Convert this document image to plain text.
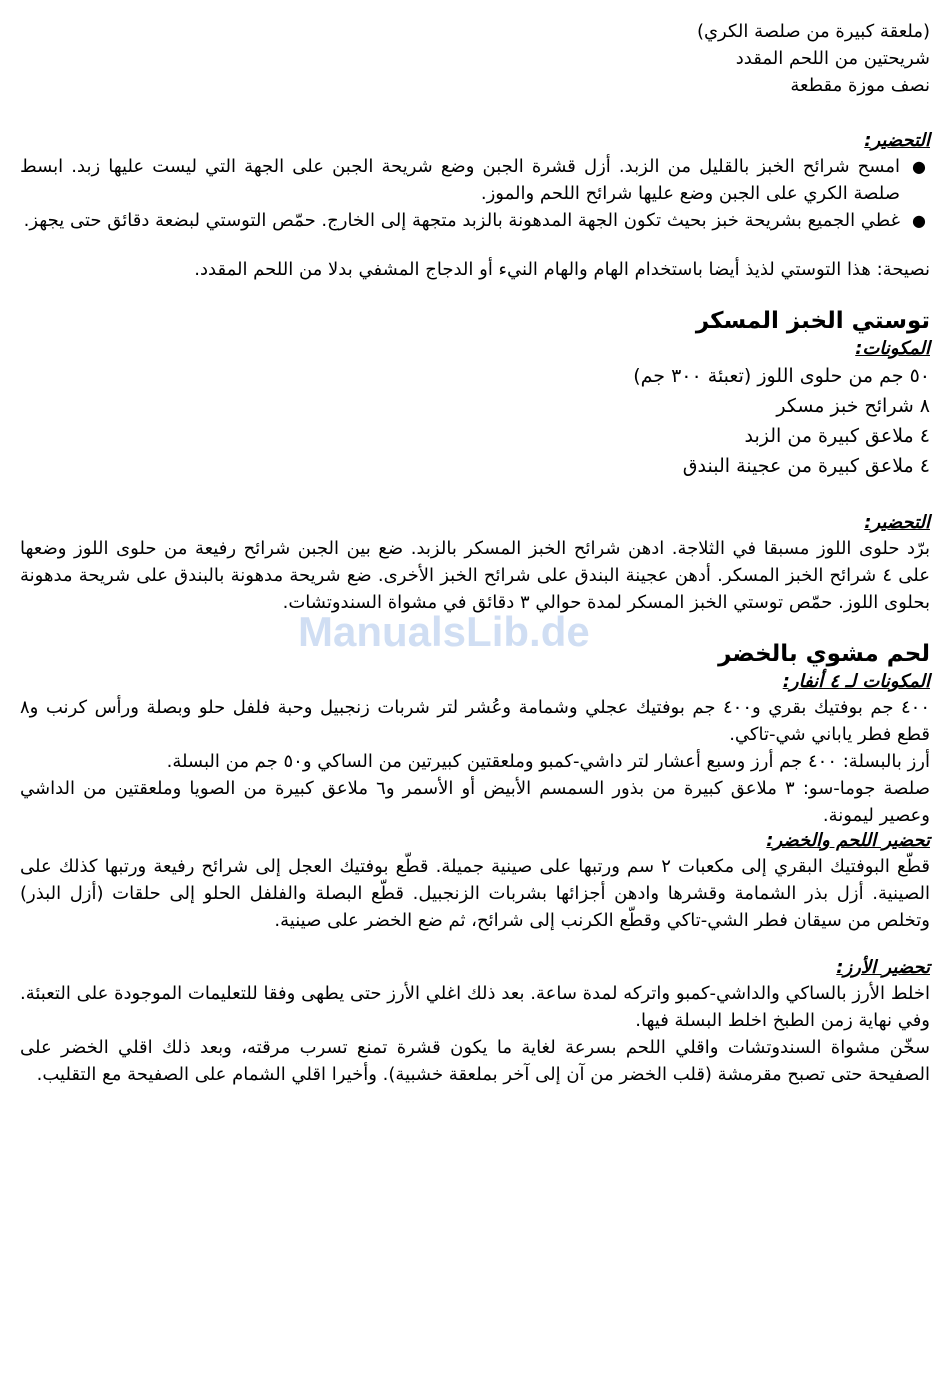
(ملعقة كبيرة من صلصة الكري)
شريحتين من اللحم المقدد
نصف موزة مقطعة
التحضير:
●
امسح شرائح الخبز بالقليل من الزبد. أزل قشرة الجبن وضع شريحة الجبن على الجهة التي ليست عليها زبد. ابسط صلصة الكري على الجبن وضع عليها شرائح اللحم والموز.
●
غطي الجميع بشريحة خبز بحيث تكون الجهة المدهونة بالزبد متجهة إلى الخارج. حمّص التوستي لبضعة دقائق حتى يجهز.
نصيحة: هذا التوستي لذيذ أيضا باستخدام الهام والهام النيء أو الدجاج المشفي بدلا من اللحم المقدد.
توستي الخبز المسكر
المكونات:
٥٠ جم من حلوى اللوز (تعبئة ٣٠٠ جم)
٨ شرائح خبز مسكر
٤ ملاعق كبيرة من الزبد
٤ ملاعق كبيرة من عجينة البندق
التحضير:
برّد حلوى اللوز مسبقا في الثلاجة. ادهن شرائح الخبز المسكر بالزبد. ضع بين الجبن شرائح رفيعة من حلوى اللوز وضعها على ٤ شرائح الخبز المسكر. أدهن عجينة البندق على شرائح الخبز الأخرى. ضع شريحة مدهونة بالبندق على شريحة مدهونة بحلوى اللوز. حمّص توستي الخبز المسكر لمدة حوالي ٣ دقائق في مشواة السندوتشات.
لحم مشوي بالخضر
المكونات لـ ٤ أنفار:
٤٠٠ جم بوفتيك بقري و٤٠٠ جم بوفتيك عجلي وشمامة وعُشر لتر شربات زنجبيل وحبة فلفل حلو وبصلة ورأس كرنب و٨ قطع فطر ياباني شي-تاكي.
أرز بالبسلة: ٤٠٠ جم أرز وسبع أعشار لتر داشي-كمبو وملعقتين كبيرتين من الساكي و٥٠ جم من البسلة.
صلصة جوما-سو: ٣ ملاعق كبيرة من بذور السمسم الأبيض أو الأسمر و٦ ملاعق كبيرة من الصويا وملعقتين من الداشي وعصير ليمونة.
تحضير اللحم والخضر:
قطّع البوفتيك البقري إلى مكعبات ٢ سم ورتبها على صينية جميلة. قطّع بوفتيك العجل إلى شرائح رفيعة ورتبها كذلك على الصينية. أزل بذر الشمامة وقشرها وادهن أجزائها بشربات الزنجبيل. قطّع البصلة والفلفل الحلو إلى حلقات (أزل البذر) وتخلص من سيقان فطر الشي-تاكي وقطّع الكرنب إلى شرائح، ثم ضع الخضر على صينية.
تحضير الأرز:
اخلط الأرز بالساكي والداشي-كمبو واتركه لمدة ساعة. بعد ذلك اغلي الأرز حتى يطهى وفقا للتعليمات الموجودة على التعبئة. وفي نهاية زمن الطبخ اخلط البسلة فيها.
سخّن مشواة السندوتشات واقلي اللحم بسرعة لغاية ما يكون قشرة تمنع تسرب مرقته، وبعد ذلك اقلي الخضر على الصفيحة حتى تصبح مقرمشة (قلب الخضر من آن إلى آخر بملعقة خشبية). وأخيرا اقلي الشمام على الصفيحة مع التقليب.
ManualsLib.de
